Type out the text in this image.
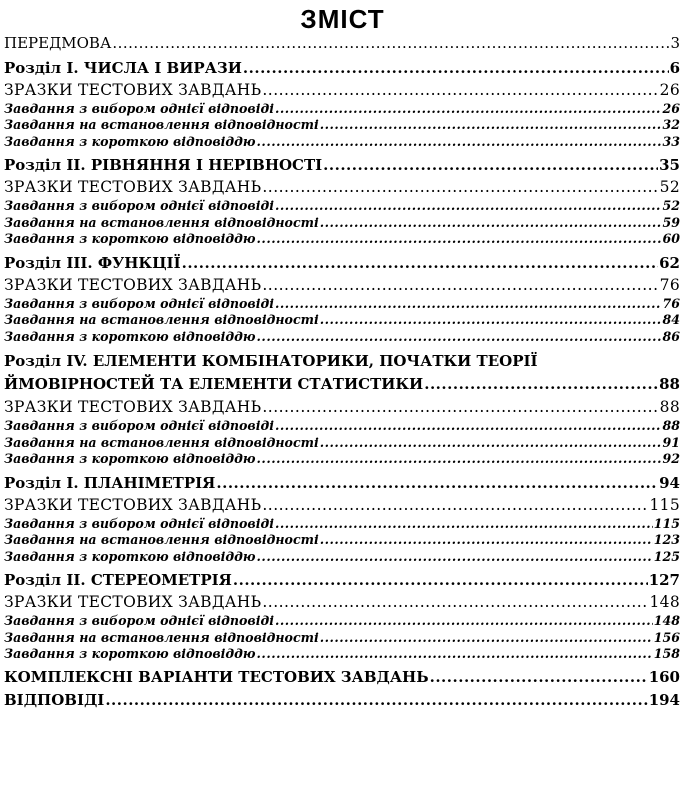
ЗМІСТ
ПЕРЕДМОВА .....	3
Розділ І. ЧИСЛА І ВИРАЗИ .....	6
ЗРАЗКИ ТЕСТОВИХ ЗАВДАНЬ .....	26
Завдання з вибором однієї відповіді .....	26
Завдання на встановлення відповідності .....	32
Завдання з короткою відповіддю .....	33
Розділ ІІ. РІВНЯННЯ І НЕРІВНОСТІ .....	35
ЗРАЗКИ ТЕСТОВИХ ЗАВДАНЬ .....	52
Завдання з вибором однієї відповіді .....	52
Завдання на встановлення відповідності .....	59
Завдання з короткою відповіддю .....	60
Розділ ІІІ. ФУНКЦІЇ .....	62
ЗРАЗКИ ТЕСТОВИХ ЗАВДАНЬ .....	76
Завдання з вибором однієї відповіді .....	76
Завдання на встановлення відповідності .....	84
Завдання з короткою відповіддю .....	86
Розділ IV. ЕЛЕМЕНТИ КОМБІНАТОРИКИ, ПОЧАТКИ ТЕОРІЇ
ЙМОВІРНОСТЕЙ ТА ЕЛЕМЕНТИ СТАТИСТИКИ .....	88
ЗРАЗКИ ТЕСТОВИХ ЗАВДАНЬ .....	88
Завдання з вибором однієї відповіді .....	88
Завдання на встановлення відповідності .....	91
Завдання з короткою відповіддю .....	92
Розділ І. ПЛАНІМЕТРІЯ .....	94
ЗРАЗКИ ТЕСТОВИХ ЗАВДАНЬ .....	115
Завдання з вибором однієї відповіді .....	115
Завдання на встановлення відповідності .....	123
Завдання з короткою відповіддю .....	125
Розділ ІІ. СТЕРЕОМЕТРІЯ .....	127
ЗРАЗКИ ТЕСТОВИХ ЗАВДАНЬ .....	148
Завдання з вибором однієї відповіді .....	148
Завдання на встановлення відповідності .....	156
Завдання з короткою відповіддю .....	158
КОМПЛЕКСНІ ВАРІАНТИ ТЕСТОВИХ ЗАВДАНЬ .....	160
ВІДПОВІДІ .....	194
